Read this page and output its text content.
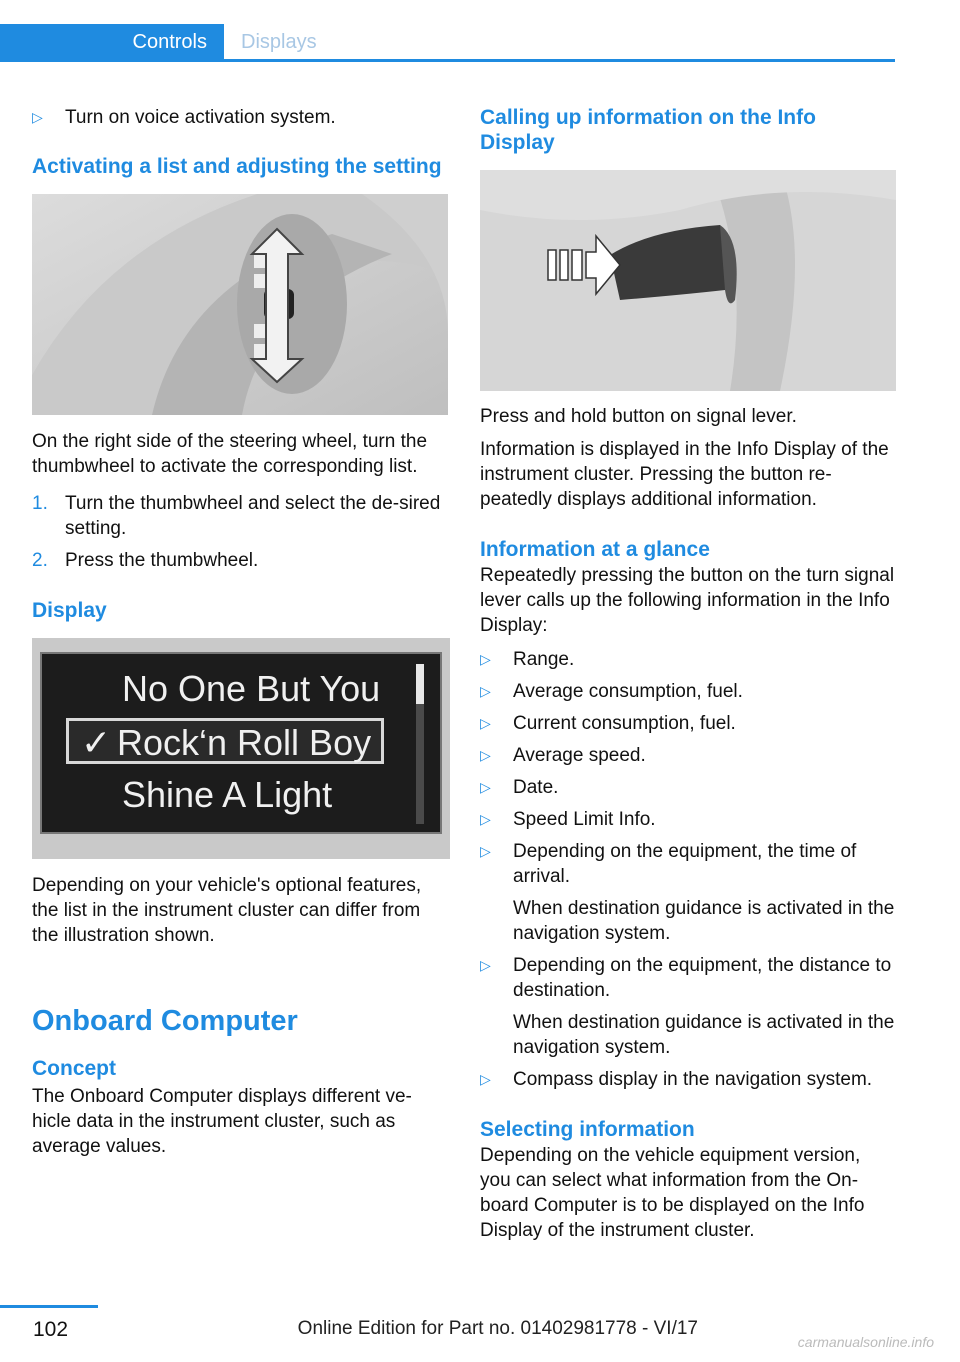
Controls	Displays
▷ Turn on voice activation system.
Activating a list and adjusting the setting

On the right side of the steering wheel, turn the thumbwheel to activate the corresponding list.

1. Turn the thumbwheel and select the de-sired setting.
2. Press the thumbwheel.
Display
No One But You
✓ Rock‘n Roll Boy
Shine A Light

Depending on your vehicle's optional features, the list in the instrument cluster can differ from the illustration shown.

Onboard Computer
Concept

The Onboard Computer displays different ve-hicle data in the instrument cluster, such as average values.

Calling up information on the Info Display

Press and hold button on signal lever.

Information is displayed in the Info Display of the instrument cluster. Pressing the button re-peatedly displays additional information.

Information at a glance

Repeatedly pressing the button on the turn signal lever calls up the following information in the Info Display:

▷ Range.
▷ Average consumption, fuel.
▷ Current consumption, fuel.
▷ Average speed.
▷ Date.
▷ Speed Limit Info.
▷ Depending on the equipment, the time of arrival.
When destination guidance is activated in the navigation system.
▷ Depending on the equipment, the distance to destination.
When destination guidance is activated in the navigation system.
▷ Compass display in the navigation system.
Selecting information

Depending on the vehicle equipment version, you can select what information from the On-board Computer is to be displayed on the Info Display of the instrument cluster.

102	Online Edition for Part no. 01402981778 - VI/17
carmanualsonline.info
